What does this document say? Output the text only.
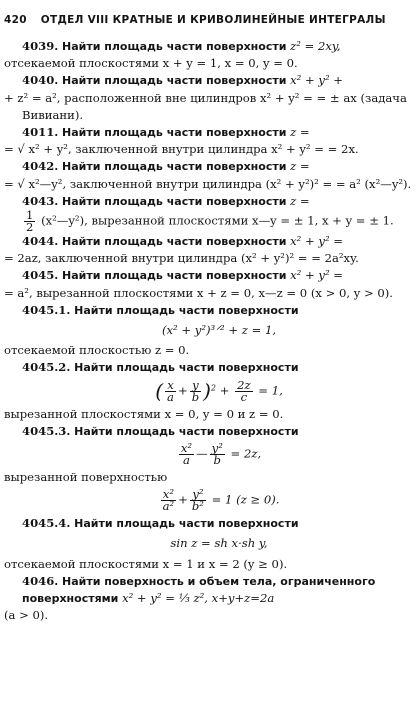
420 ОТДЕЛ VIII КРАТНЫЕ И КРИВОЛИНЕЙНЫЕ ИНТЕГРАЛЫ

4039. Найти площадь части поверхности z² = 2xy,
отсекаемой плоскостями x + y = 1, x = 0, y = 0.

4040. Найти площадь части поверхности x² + y² +
+ z² = a², расположенной вне цилиндров x² + y² = = ± ax (задача Вивиани).

4011. Найти площадь части поверхности z =
= √ x² + y², заключенной внутри цилиндра x² + y² = = 2x.

4042. Найти площадь части поверхности z =
= √ x²—y², заключенной внутри цилиндра (x² + y²)² = = a² (x²—y²).

4043. Найти площадь части поверхности z =

$\frac{1}{2}$ (x²—y²), вырезанной плоскостями x—y = ± 1, x + y = ± 1.

4044. Найти площадь части поверхности x² + y² =
= 2az, заключенной внутри цилиндра (x² + y²)² = = 2a²xy.

4045. Найти площадь части поверхности x² + y² =
= a², вырезанной плоскостями x + z = 0, x—z = 0 (x > 0, y > 0).

4045.1. Найти площадь части поверхности
(x² + y²)³ᐟ² + z = 1,
отсекаемой плоскостью z = 0.

4045.2. Найти площадь части поверхности
( $\frac{x}{a} + \frac{y}{b} )^2 + \frac{2z}{c} = 1$,
вырезанной плоскостями x = 0, y = 0 и z = 0.

4045.3. Найти площадь части поверхности
$\frac{\text{x²}}{a}$ — $\frac{\text{y²}}{b} = 2z$,
вырезанной поверхностью
$\frac{\text{x²}}{\text{a²}} + \frac{\text{y²}}{\text{b²}} = 1$ (z ≥ 0).

4045.4. Найти площадь части поверхности
sin z = sh x·sh y,
отсекаемой плоскостями x = 1 и x = 2 (y ≥ 0).

4046. Найти поверхность и объем тела, ограниченного поверхностями x² + y² = ⅓ z², x+y+z=2a
(a > 0).
